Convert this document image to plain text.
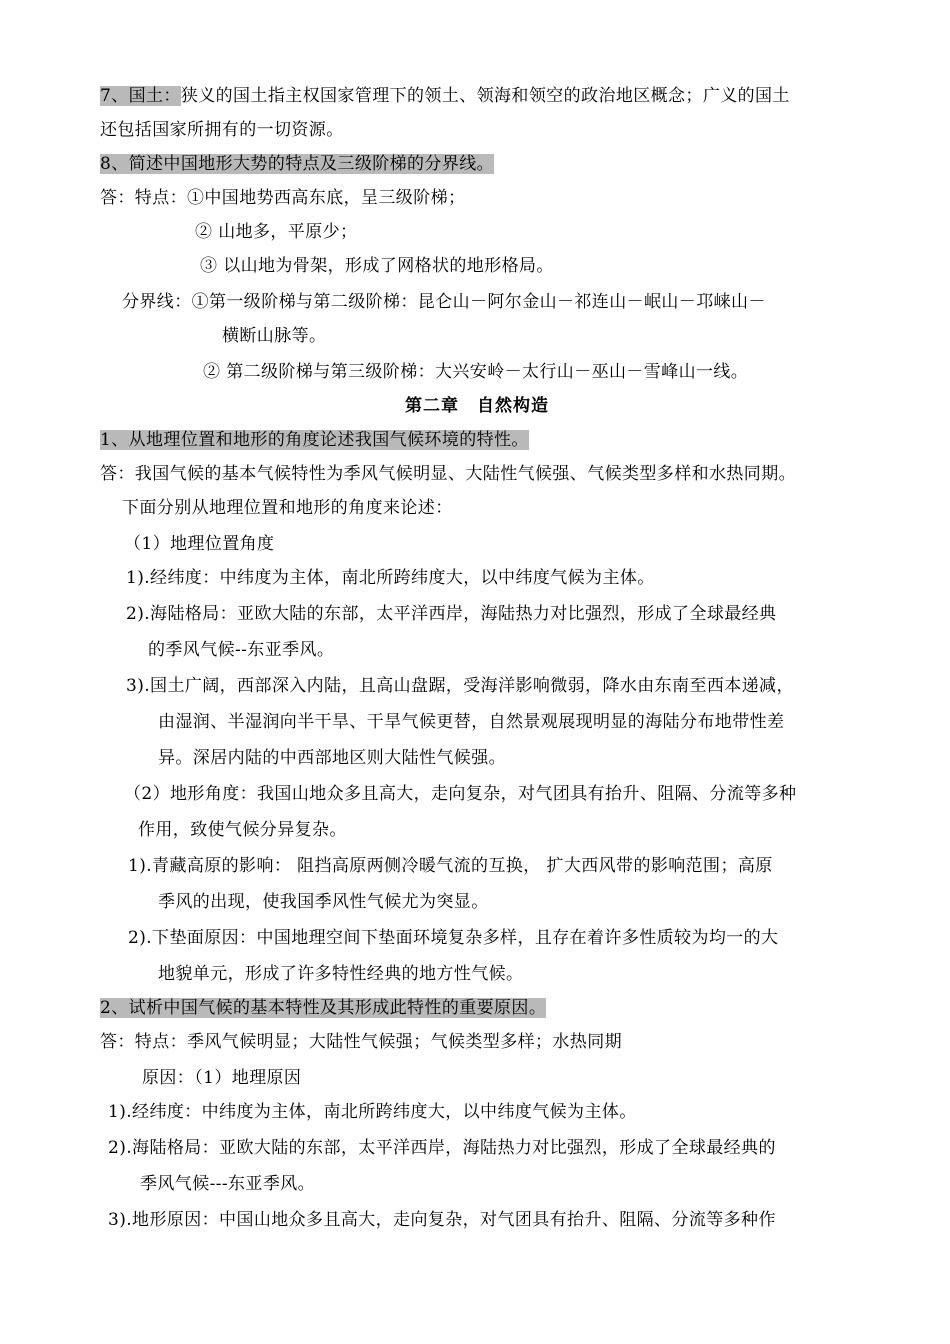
7、国土：狭义的国土指主权国家管理下的领土、领海和领空的政治地区概念；广义的国土
还包括国家所拥有的一切资源。
8、简述中国地形大势的特点及三级阶梯的分界线。
答：特点：①中国地势西高东底，呈三级阶梯；
② 山地多，平原少；
③ 以山地为骨架，形成了网格状的地形格局。
分界线：①第一级阶梯与第二级阶梯：昆仑山－阿尔金山－祁连山－岷山－邛崃山－
横断山脉等。
② 第二级阶梯与第三级阶梯：大兴安岭－太行山－巫山－雪峰山一线。
第二章　自然构造
1、从地理位置和地形的角度论述我国气候环境的特性。
答：我国气候的基本气候特性为季风气候明显、大陆性气候强、气候类型多样和水热同期。
下面分别从地理位置和地形的角度来论述：
（1）地理位置角度
1).经纬度：中纬度为主体，南北所跨纬度大，以中纬度气候为主体。
2).海陆格局：亚欧大陆的东部，太平洋西岸，海陆热力对比强烈，形成了全球最经典
的季风气候--东亚季风。
3).国土广阔，西部深入内陆，且高山盘踞，受海洋影响微弱，降水由东南至西本递减，
由湿润、半湿润向半干旱、干旱气候更替，自然景观展现明显的海陆分布地带性差
异。深居内陆的中西部地区则大陆性气候强。
（2）地形角度：我国山地众多且高大，走向复杂，对气团具有抬升、阻隔、分流等多种
作用，致使气候分异复杂。
1).青藏高原的影响： 阻挡高原两侧冷暖气流的互换， 扩大西风带的影响范围；高原
季风的出现，使我国季风性气候尤为突显。
2).下垫面原因：中国地理空间下垫面环境复杂多样，且存在着许多性质较为均一的大
地貌单元，形成了许多特性经典的地方性气候。
2、试析中国气候的基本特性及其形成此特性的重要原因。
答：特点：季风气候明显；大陆性气候强；气候类型多样；水热同期
原因：（1）地理原因
1).经纬度：中纬度为主体，南北所跨纬度大，以中纬度气候为主体。
2).海陆格局：亚欧大陆的东部，太平洋西岸，海陆热力对比强烈，形成了全球最经典的
季风气候---东亚季风。
3).地形原因：中国山地众多且高大，走向复杂，对气团具有抬升、阻隔、分流等多种作
